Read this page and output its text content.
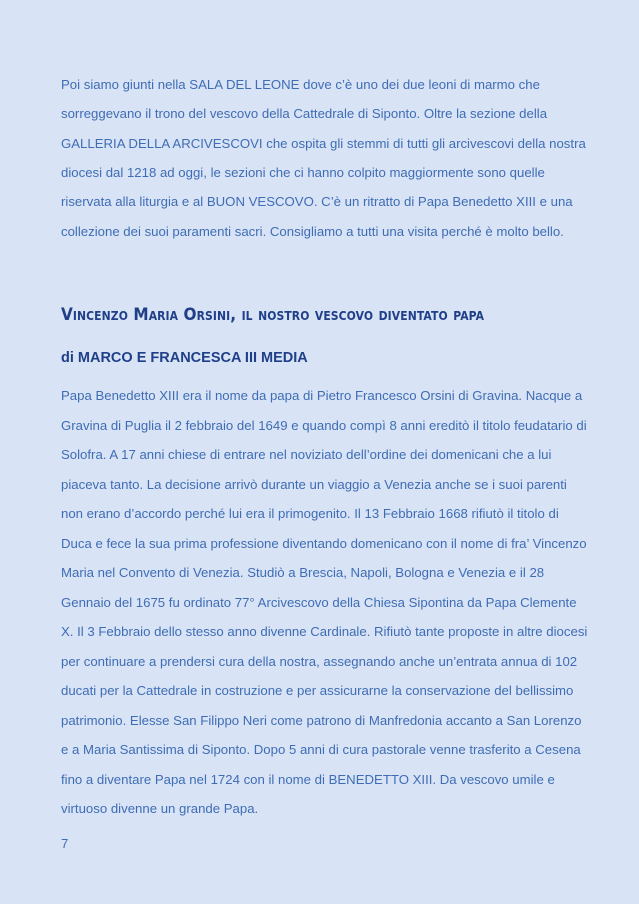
Poi siamo giunti nella SALA DEL LEONE dove c’è uno dei due leoni di marmo che
sorreggevano il trono del vescovo della Cattedrale di Siponto. Oltre la sezione della
GALLERIA DELLA ARCIVESCOVI che ospita gli stemmi di tutti gli arcivescovi della nostra
diocesi dal 1218 ad oggi, le sezioni che ci hanno colpito maggiormente sono quelle
riservata alla liturgia e al BUON VESCOVO. C’è un ritratto di Papa Benedetto XIII e una
collezione dei suoi paramenti sacri. Consigliamo a tutti una visita perché è molto bello.
Vincenzo Maria Orsini, il nostro vescovo diventato papa
di MARCO E FRANCESCA III MEDIA
Papa Benedetto XIII era il nome da papa di Pietro Francesco Orsini di Gravina. Nacque a
Gravina di Puglia il 2 febbraio del 1649 e quando compì 8 anni ereditò il titolo feudatario di
Solofra. A 17 anni chiese di entrare nel noviziato dell’ordine dei domenicani che a lui
piaceva tanto. La decisione arrivò durante un viaggio a Venezia anche se i suoi parenti
non erano d’accordo perché lui era il primogenito. Il 13 Febbraio 1668 rifiutò il titolo di
Duca e fece la sua prima professione diventando domenicano con il nome di fra’ Vincenzo
Maria nel Convento di Venezia. Studiò a Brescia, Napoli, Bologna e Venezia e il 28
Gennaio del 1675 fu ordinato 77° Arcivescovo della Chiesa Sipontina da Papa Clemente
X. Il 3 Febbraio dello stesso anno divenne Cardinale. Rifiutò tante proposte in altre diocesi
per continuare a prendersi cura della nostra, assegnando anche un’entrata annua di 102
ducati per la Cattedrale in costruzione e per assicurarne la conservazione del bellissimo
patrimonio. Elesse San Filippo Neri come patrono di Manfredonia accanto a San Lorenzo
e a Maria Santissima di Siponto. Dopo 5 anni di cura pastorale venne trasferito a Cesena
fino a diventare Papa nel 1724 con il nome di BENEDETTO XIII. Da vescovo umile e
virtuoso divenne un grande Papa.
7
